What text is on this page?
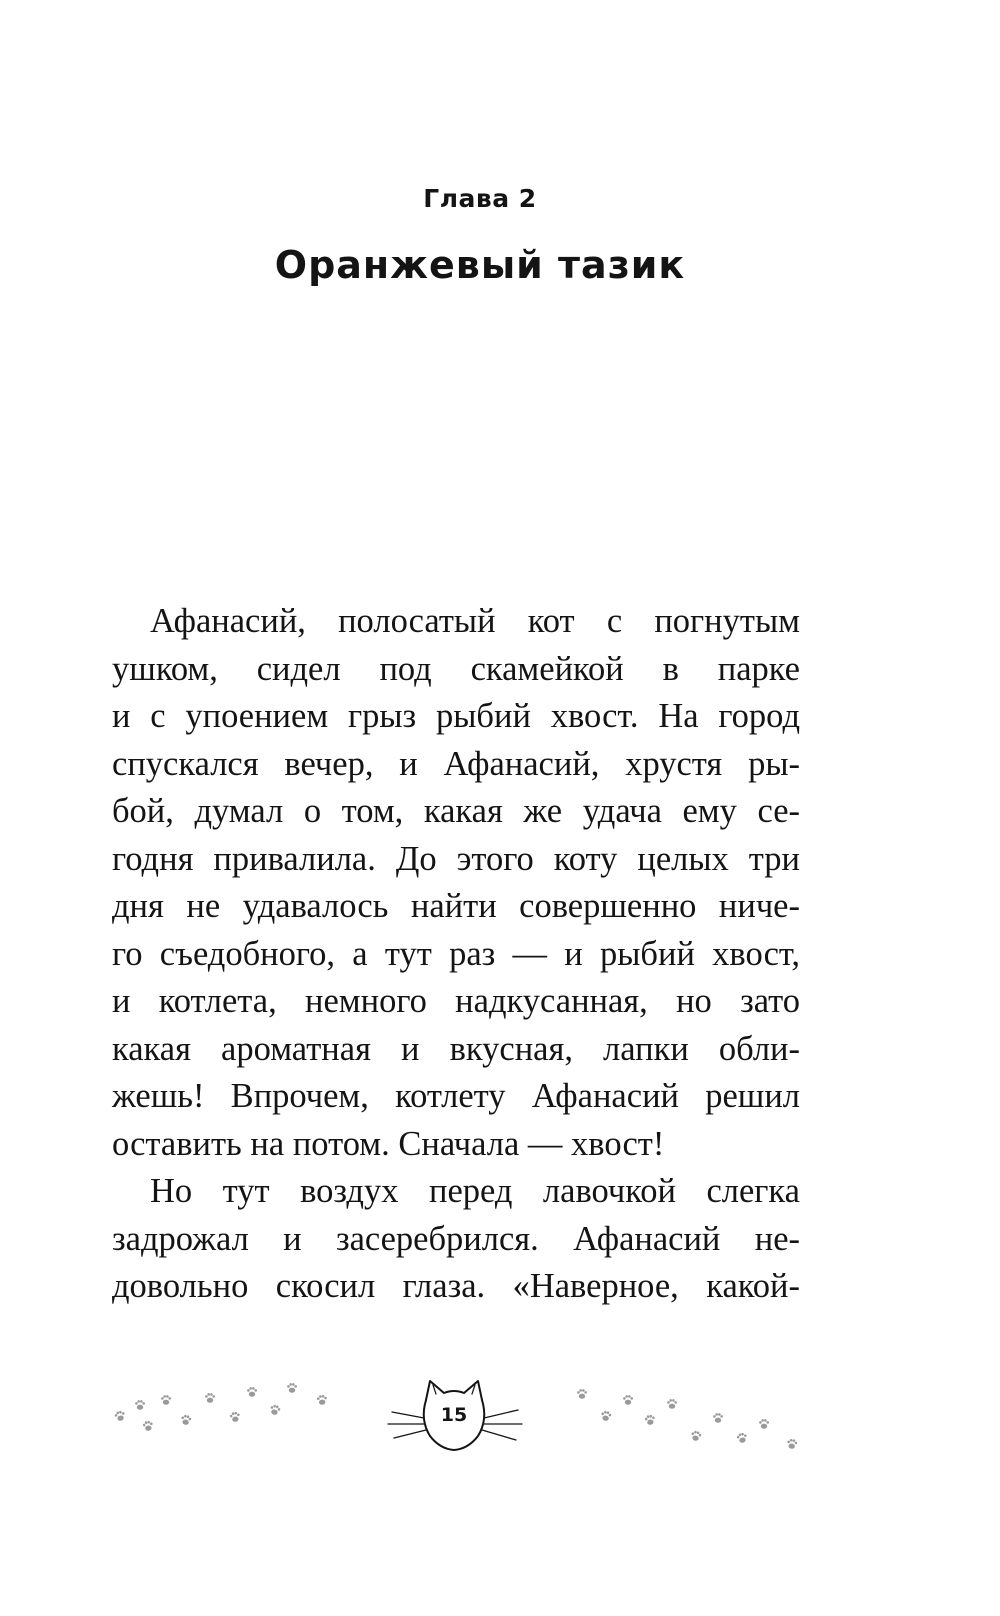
Глава 2
Оранжевый тазик
Афанасий, полосатый кот с погнутым
ушком, сидел под скамейкой в парке
и с упоением грыз рыбий хвост. На город
спускался вечер, и Афанасий, хрустя ры-
бой, думал о том, какая же удача ему се-
годня привалила. До этого коту целых три
дня не удавалось найти совершенно ниче-
го съедобного, а тут раз — и рыбий хвост,
и котлета, немного надкусанная, но зато
какая ароматная и вкусная, лапки обли-
жешь! Впрочем, котлету Афанасий решил
оставить на потом. Сначала — хвост!
Но тут воздух перед лавочкой слегка
задрожал и засеребрился. Афанасий не-
довольно скосил глаза. «Наверное, какой-
15
